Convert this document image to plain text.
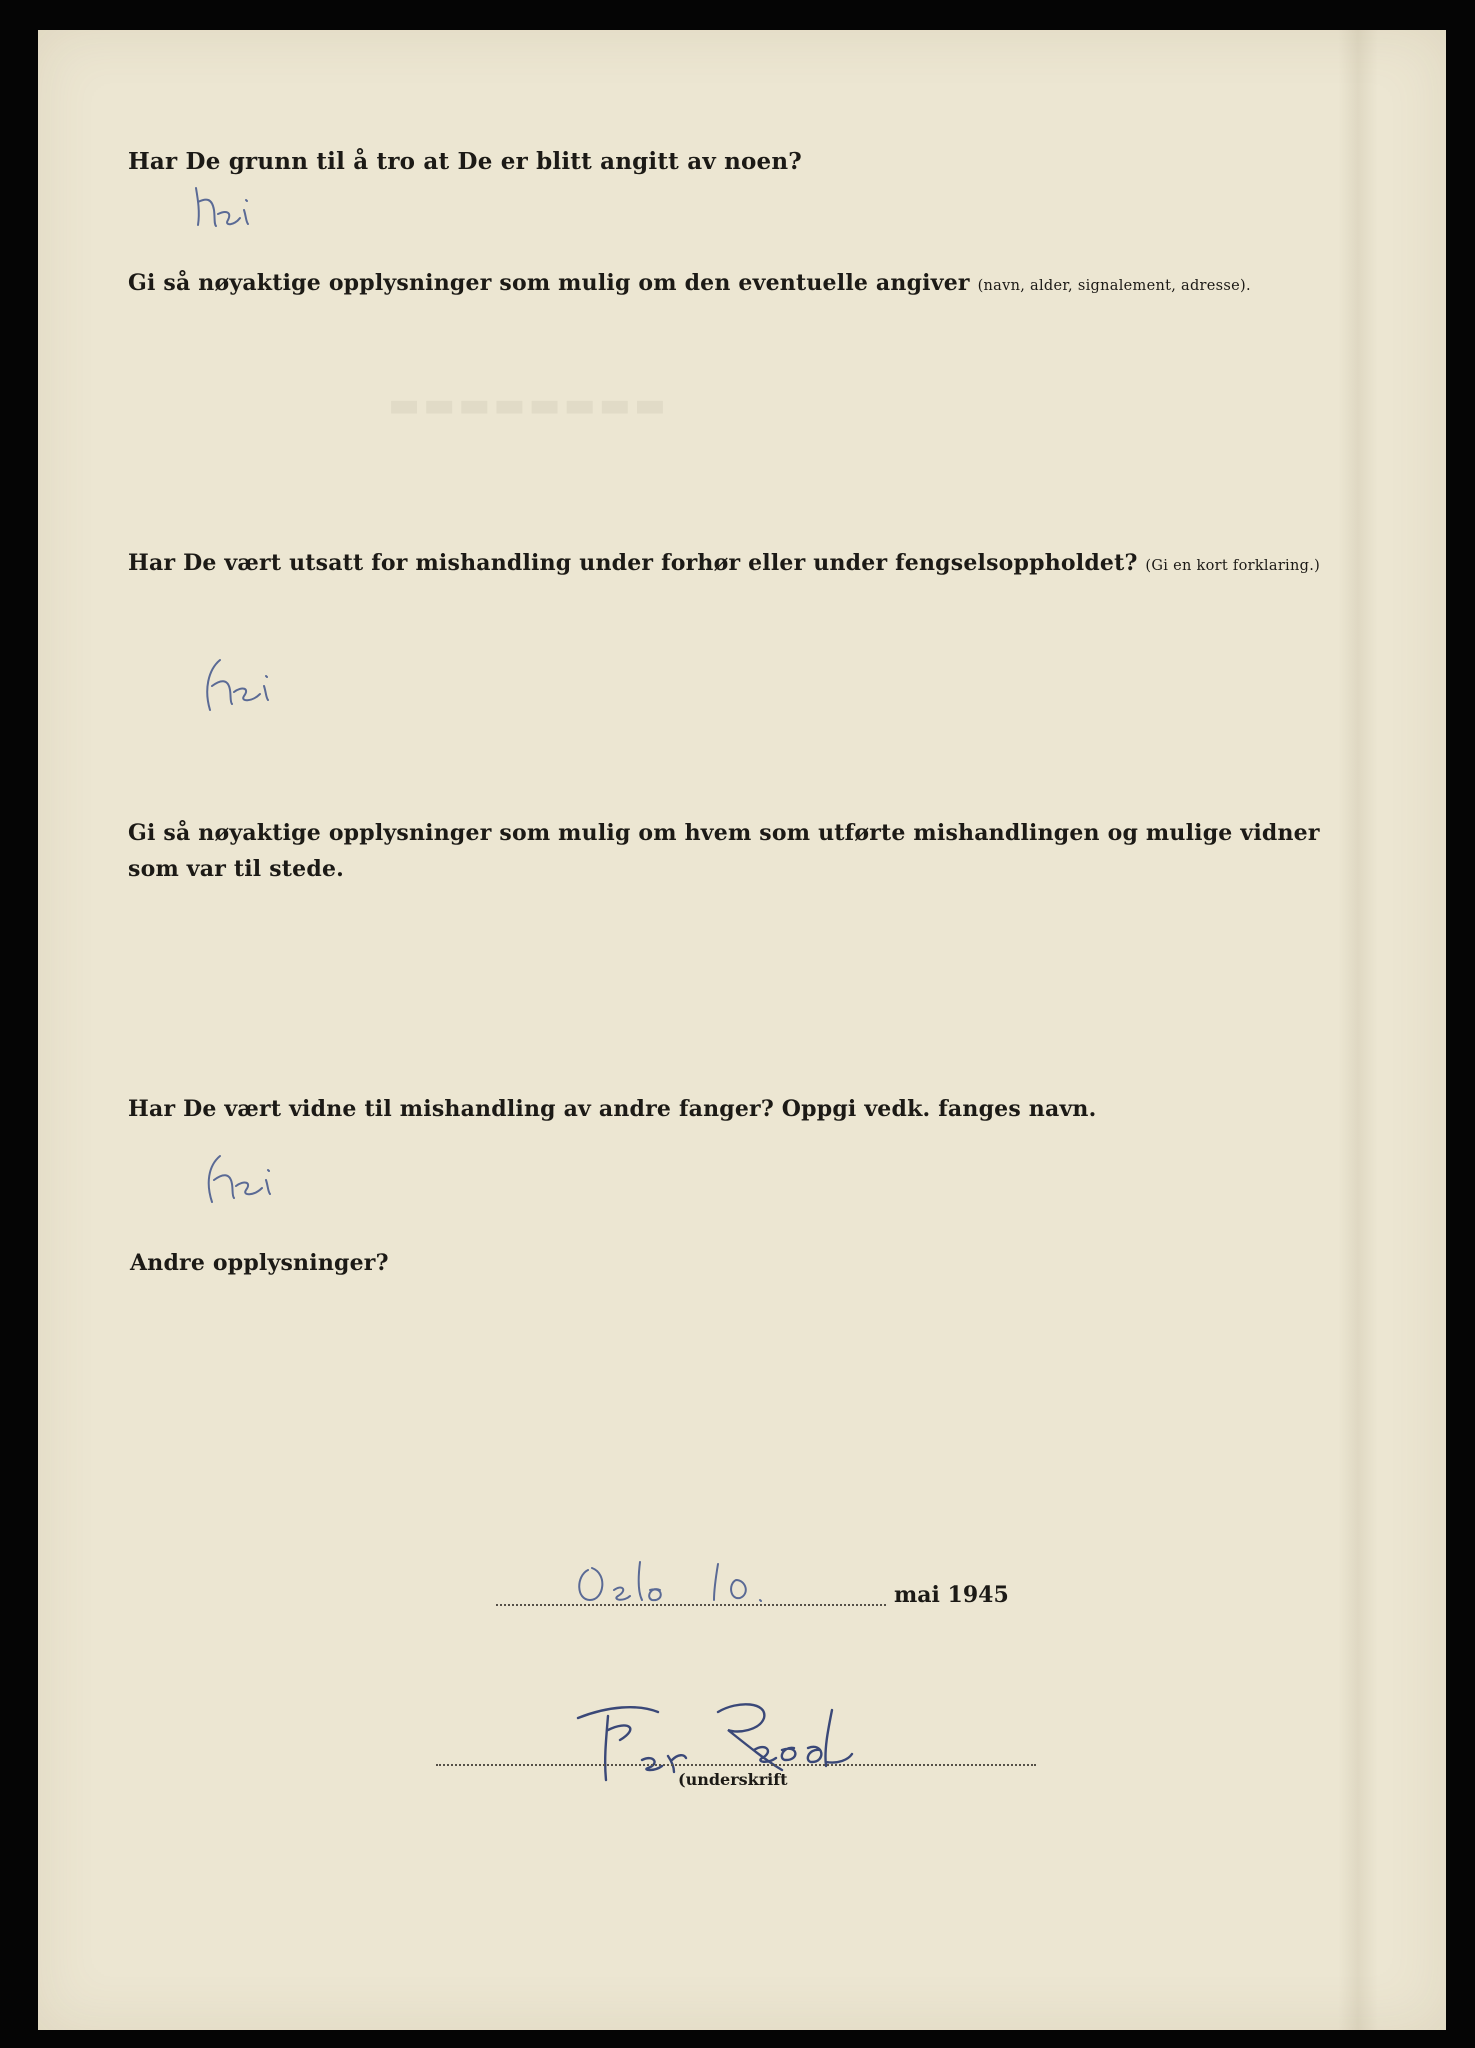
Har De grunn til å tro at De er blitt angitt av noen?

Gi så nøyaktige opplysninger som mulig om den eventuelle angiver (navn, alder, signalement, adresse).

▬▬▬▬▬▬▬▬

Har De vært utsatt for mishandling under forhør eller under fengselsoppholdet? (Gi en kort forklaring.)

Gi så nøyaktige opplysninger som mulig om hvem som utførte mishandlingen og mulige vidner

som var til stede.

Har De vært vidne til mishandling av andre fanger? Oppgi vedk. fanges navn.

Andre opplysninger?

mai 1945
(underskrift
